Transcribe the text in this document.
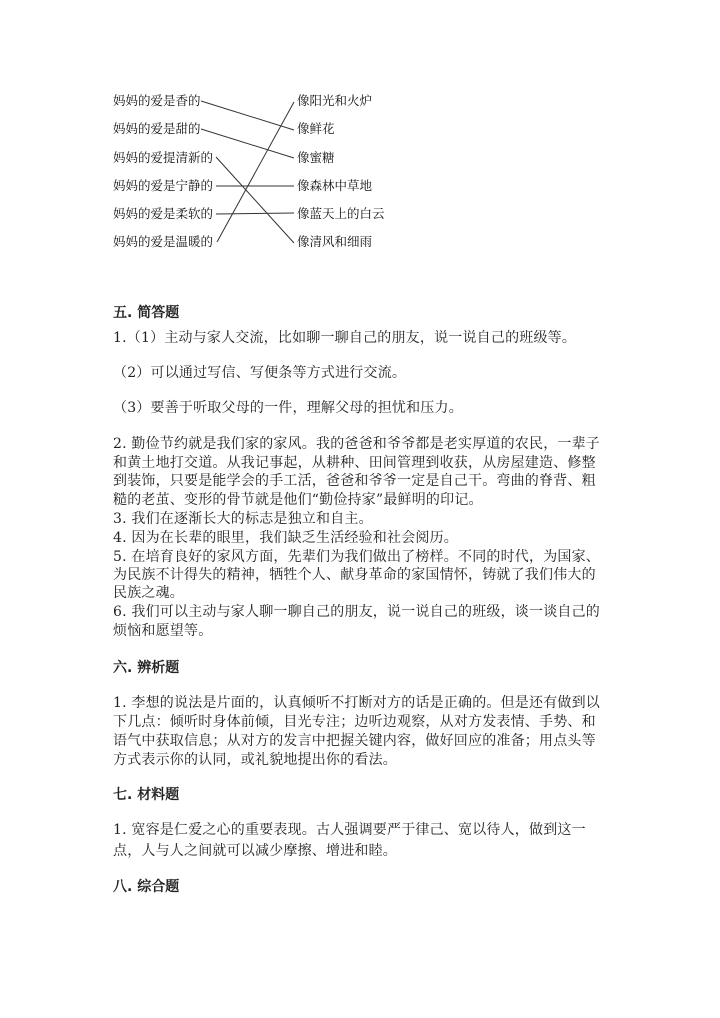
妈妈的爱是香的
妈妈的爱是甜的
妈妈的爱提清新的
妈妈的爱是宁静的
妈妈的爱是柔软的
妈妈的爱是温暖的
像阳光和火炉
像鲜花
像蜜糖
像森林中草地
像蓝天上的白云
像清风和细雨
五. 简答题
1.（1）主动与家人交流，比如聊一聊自己的朋友，说一说自己的班级等。
（2）可以通过写信、写便条等方式进行交流。
（3）要善于听取父母的一件，理解父母的担忧和压力。
2. 勤俭节约就是我们家的家风。我的爸爸和爷爷都是老实厚道的农民，一辈子
和黄土地打交道。从我记事起，从耕种、田间管理到收获，从房屋建造、修整
到装饰，只要是能学会的手工活，爸爸和爷爷一定是自己干。弯曲的脊背、粗
糙的老茧、变形的骨节就是他们“勤俭持家”最鲜明的印记。
3. 我们在逐渐长大的标志是独立和自主。
4. 因为在长辈的眼里，我们缺乏生活经验和社会阅历。
5. 在培育良好的家风方面，先辈们为我们做出了榜样。不同的时代，为国家、
为民族不计得失的精神，牺牲个人、献身革命的家国情怀，铸就了我们伟大的
民族之魂。
6. 我们可以主动与家人聊一聊自己的朋友，说一说自己的班级，谈一谈自己的
烦恼和愿望等。
六. 辨析题
1. 李想的说法是片面的，认真倾听不打断对方的话是正确的。但是还有做到以
下几点：倾听时身体前倾，目光专注；边听边观察，从对方发表情、手势、和
语气中获取信息；从对方的发言中把握关键内容，做好回应的准备；用点头等
方式表示你的认同，或礼貌地提出你的看法。
七. 材料题
1. 宽容是仁爱之心的重要表现。古人强调要严于律己、宽以待人，做到这一
点，人与人之间就可以减少摩擦、增进和睦。
八. 综合题
